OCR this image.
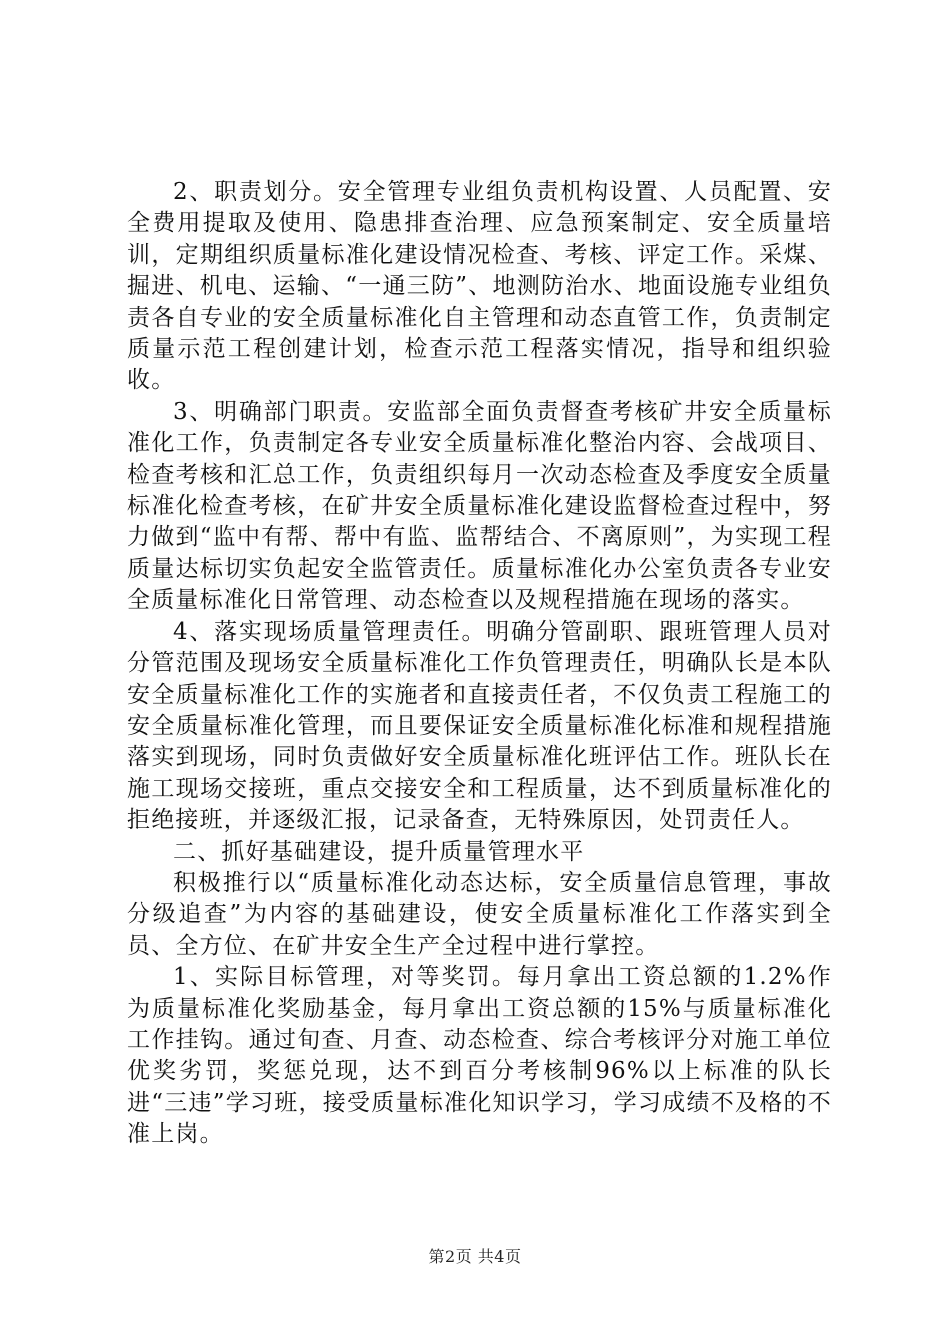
2、职责划分。安全管理专业组负责机构设置、人员配置、安全费用提取及使用、隐患排查治理、应急预案制定、安全质量培训，定期组织质量标准化建设情况检查、考核、评定工作。采煤、掘进、机电、运输、“一通三防”、地测防治水、地面设施专业组负责各自专业的安全质量标准化自主管理和动态直管工作，负责制定质量示范工程创建计划，检查示范工程落实情况，指导和组织验收。

3、明确部门职责。安监部全面负责督查考核矿井安全质量标准化工作，负责制定各专业安全质量标准化整治内容、会战项目、检查考核和汇总工作，负责组织每月一次动态检查及季度安全质量标准化检查考核，在矿井安全质量标准化建设监督检查过程中，努力做到“监中有帮、帮中有监、监帮结合、不离原则”，为实现工程质量达标切实负起安全监管责任。质量标准化办公室负责各专业安全质量标准化日常管理、动态检查以及规程措施在现场的落实。

4、落实现场质量管理责任。明确分管副职、跟班管理人员对分管范围及现场安全质量标准化工作负管理责任，明确队长是本队安全质量标准化工作的实施者和直接责任者，不仅负责工程施工的安全质量标准化管理，而且要保证安全质量标准化标准和规程措施落实到现场，同时负责做好安全质量标准化班评估工作。班队长在施工现场交接班，重点交接安全和工程质量，达不到质量标准化的拒绝接班，并逐级汇报，记录备查，无特殊原因，处罚责任人。

二、抓好基础建设，提升质量管理水平

积极推行以“质量标准化动态达标，安全质量信息管理，事故分级追查”为内容的基础建设，使安全质量标准化工作落实到全员、全方位、在矿井安全生产全过程中进行掌控。

1、实际目标管理，对等奖罚。每月拿出工资总额的1.2%作为质量标准化奖励基金，每月拿出工资总额的15%与质量标准化工作挂钩。通过旬查、月查、动态检查、综合考核评分对施工单位优奖劣罚，奖惩兑现，达不到百分考核制96%以上标准的队长进“三违”学习班，接受质量标准化知识学习，学习成绩不及格的不准上岗。

第2页 共4页
